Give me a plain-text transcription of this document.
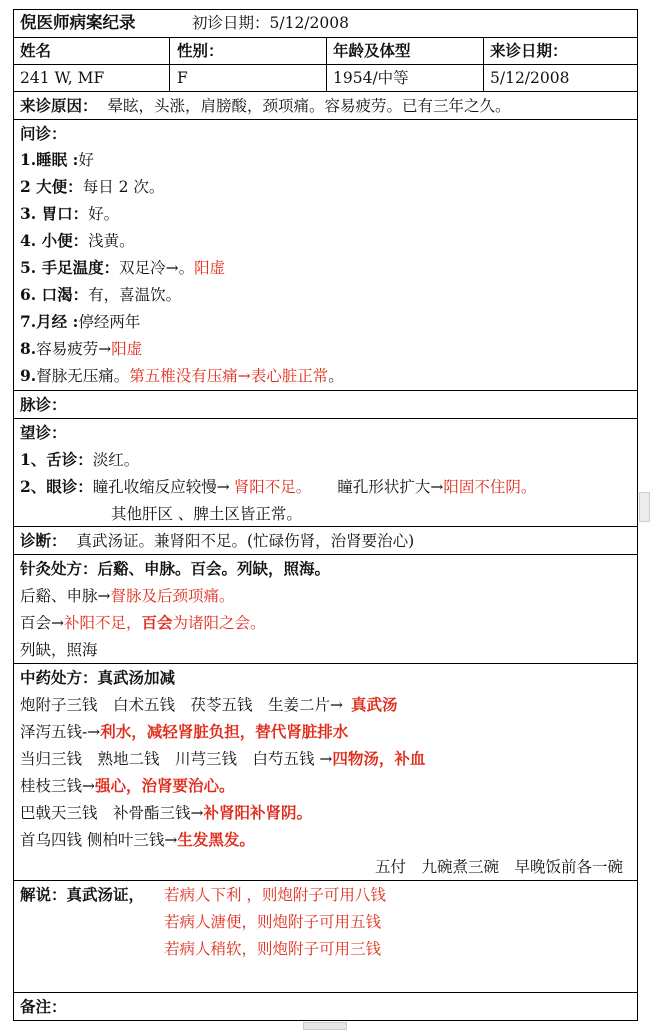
倪医师病案纪录	初诊日期：5/12/2008
姓名	性别：	年龄及体型	来诊日期：
241 W, MF	F	1954/中等	5/12/2008
来诊原因： 晕眩，头涨，肩膀酸，颈项痛。容易疲劳。已有三年之久。
问诊：
1.睡眠 :好
2 大便：每日 2 次。
3. 胃口：好。
4. 小便：浅黄。
5. 手足温度：双足冷→。阳虚
6. 口渴：有，喜温饮。
7.月经 :停经两年
8.容易疲劳→阳虚
9.督脉无压痛。第五椎没有压痛→表心脏正常。
脉诊：
望诊：
1、舌诊：淡红。
2、眼诊：瞳孔收缩反应较慢→ 肾阳不足。 瞳孔形状扩大→阳固不住阴。
其他肝区 、脾土区皆正常。
诊断： 真武汤证。兼肾阳不足。(忙碌伤肾，治肾要治心)
针灸处方：后谿、申脉。百会。列缺，照海。
后谿、申脉→督脉及后颈项痛。
百会→补阳不足，百会为诸阳之会。
列缺，照海
中药处方：真武汤加减
炮附子三钱　白术五钱　茯苓五钱　生姜二片→ 真武汤
泽泻五钱-→利水，减轻肾脏负担，替代肾脏排水
当归三钱　熟地二钱　川芎三钱　白芍五钱 →四物汤，补血
桂枝三钱→强心，治肾要治心。
巴戟天三钱　补骨酯三钱→补肾阳补肾阴。
首乌四钱 侧柏叶三钱→生发黑发。
五付　九碗煮三碗　早晚饭前各一碗
解说：真武汤证， 若病人下利 ，则炮附子可用八钱
若病人溏便，则炮附子可用五钱
若病人稍软，则炮附子可用三钱
备注：
